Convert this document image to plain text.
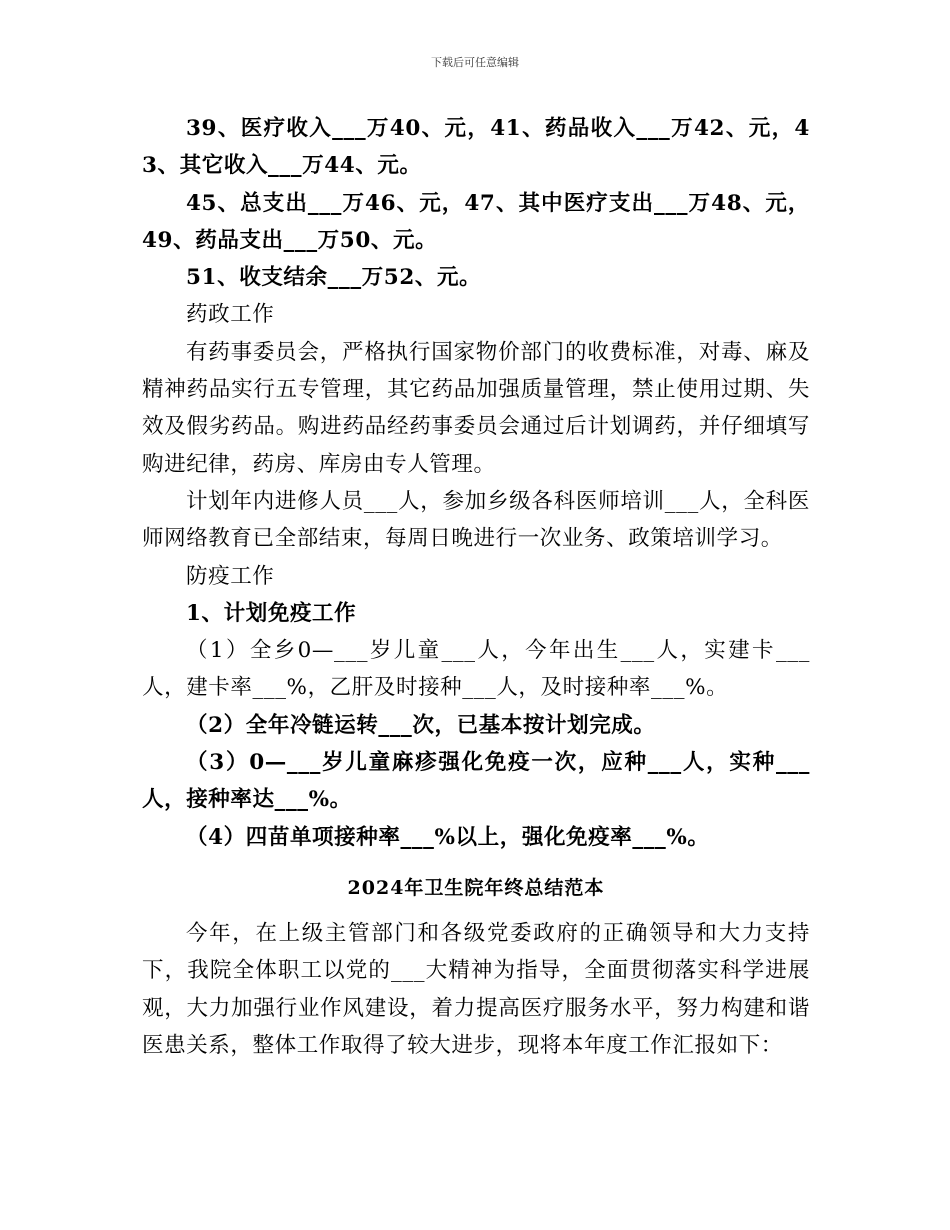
下载后可任意编辑

39、医疗收入___万40、元，41、药品收入___万42、元，43、其它收入___万44、元。

45、总支出___万46、元，47、其中医疗支出___万48、元，49、药品支出___万50、元。

51、收支结余___万52、元。

药政工作

有药事委员会，严格执行国家物价部门的收费标准，对毒、麻及精神药品实行五专管理，其它药品加强质量管理，禁止使用过期、失效及假劣药品。购进药品经药事委员会通过后计划调药，并仔细填写购进纪律，药房、库房由专人管理。

计划年内进修人员___人，参加乡级各科医师培训___人，全科医师网络教育已全部结束，每周日晚进行一次业务、政策培训学习。

防疫工作

1、计划免疫工作

（1）全乡0—___岁儿童___人，今年出生___人，实建卡___人，建卡率___%，乙肝及时接种___人，及时接种率___%。

（2）全年冷链运转___次，已基本按计划完成。

（3）0—___岁儿童麻疹强化免疫一次，应种___人，实种___人，接种率达___%。

（4）四苗单项接种率___%以上，强化免疫率___%。

2024年卫生院年终总结范本

今年，在上级主管部门和各级党委政府的正确领导和大力支持下，我院全体职工以党的___大精神为指导，全面贯彻落实科学进展观，大力加强行业作风建设，着力提高医疗服务水平，努力构建和谐医患关系，整体工作取得了较大进步，现将本年度工作汇报如下：
